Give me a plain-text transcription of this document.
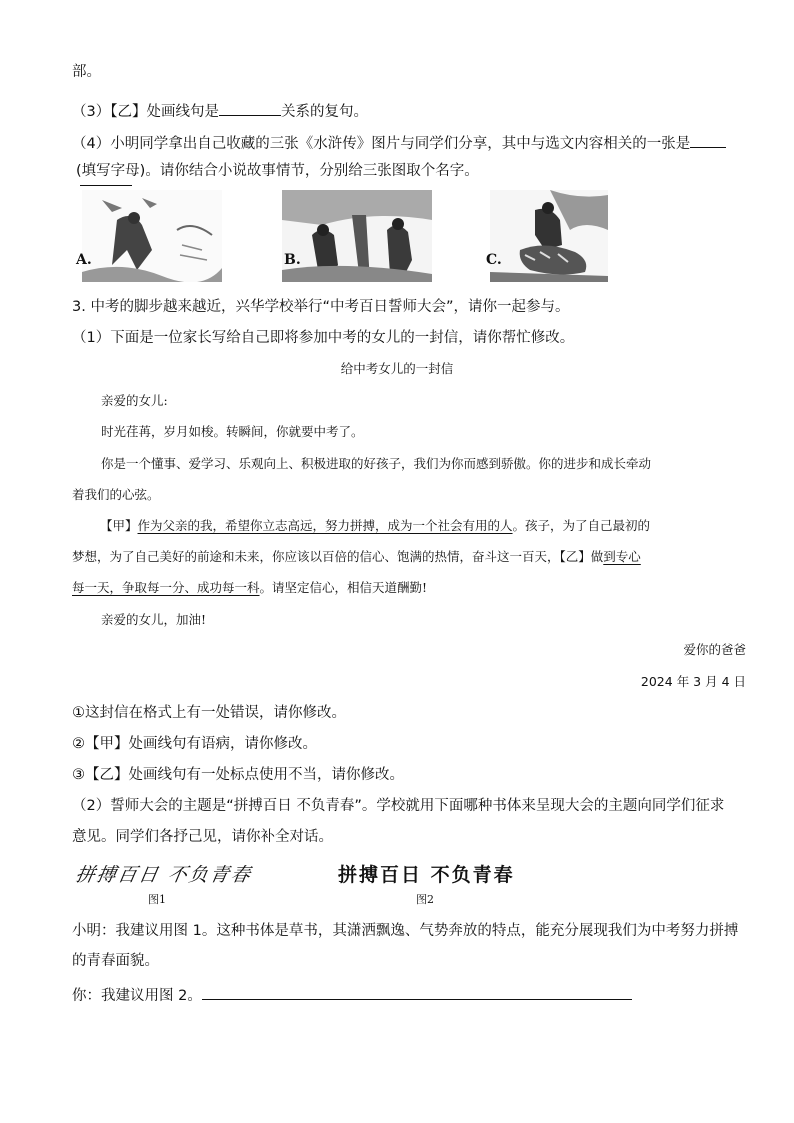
部。
（3）【乙】处画线句是	关系的复句。
（4）小明同学拿出自己收藏的三张《水浒传》图片与同学们分享，其中与选文内容相关的一张是
(填写字母)。请你结合小说故事情节，分别给三张图取个名字。
A.	B.	C.
3. 中考的脚步越来越近，兴华学校举行“中考百日誓师大会”，请你一起参与。
（1）下面是一位家长写给自己即将参加中考的女儿的一封信，请你帮忙修改。
给中考女儿的一封信
亲爱的女儿:
时光荏苒，岁月如梭。转瞬间，你就要中考了。
你是一个懂事、爱学习、乐观向上、积极进取的好孩子，我们为你而感到骄傲。你的进步和成长牵动
着我们的心弦。
【甲】作为父亲的我，希望你立志高远，努力拼搏，成为一个社会有用的人。孩子，为了自己最初的
梦想，为了自己美好的前途和未来，你应该以百倍的信心、饱满的热情，奋斗这一百天，【乙】做到专心
每一天，争取每一分、成功每一科。请坚定信心，相信天道酬勤!
亲爱的女儿，加油!
爱你的爸爸
2024 年 3 月 4 日
①这封信在格式上有一处错误，请你修改。
②【甲】处画线句有语病，请你修改。
③【乙】处画线句有一处标点使用不当，请你修改。
（2）誓师大会的主题是“拼搏百日 不负青春”。学校就用下面哪种书体来呈现大会的主题向同学们征求
意见。同学们各抒己见，请你补全对话。
拼搏百日 不负青春
图1
拼搏百日 不负青春
图2
小明：我建议用图 1。这种书体是草书，其潇洒飘逸、气势奔放的特点，能充分展现我们为中考努力拼搏
的青春面貌。
你：我建议用图 2。
